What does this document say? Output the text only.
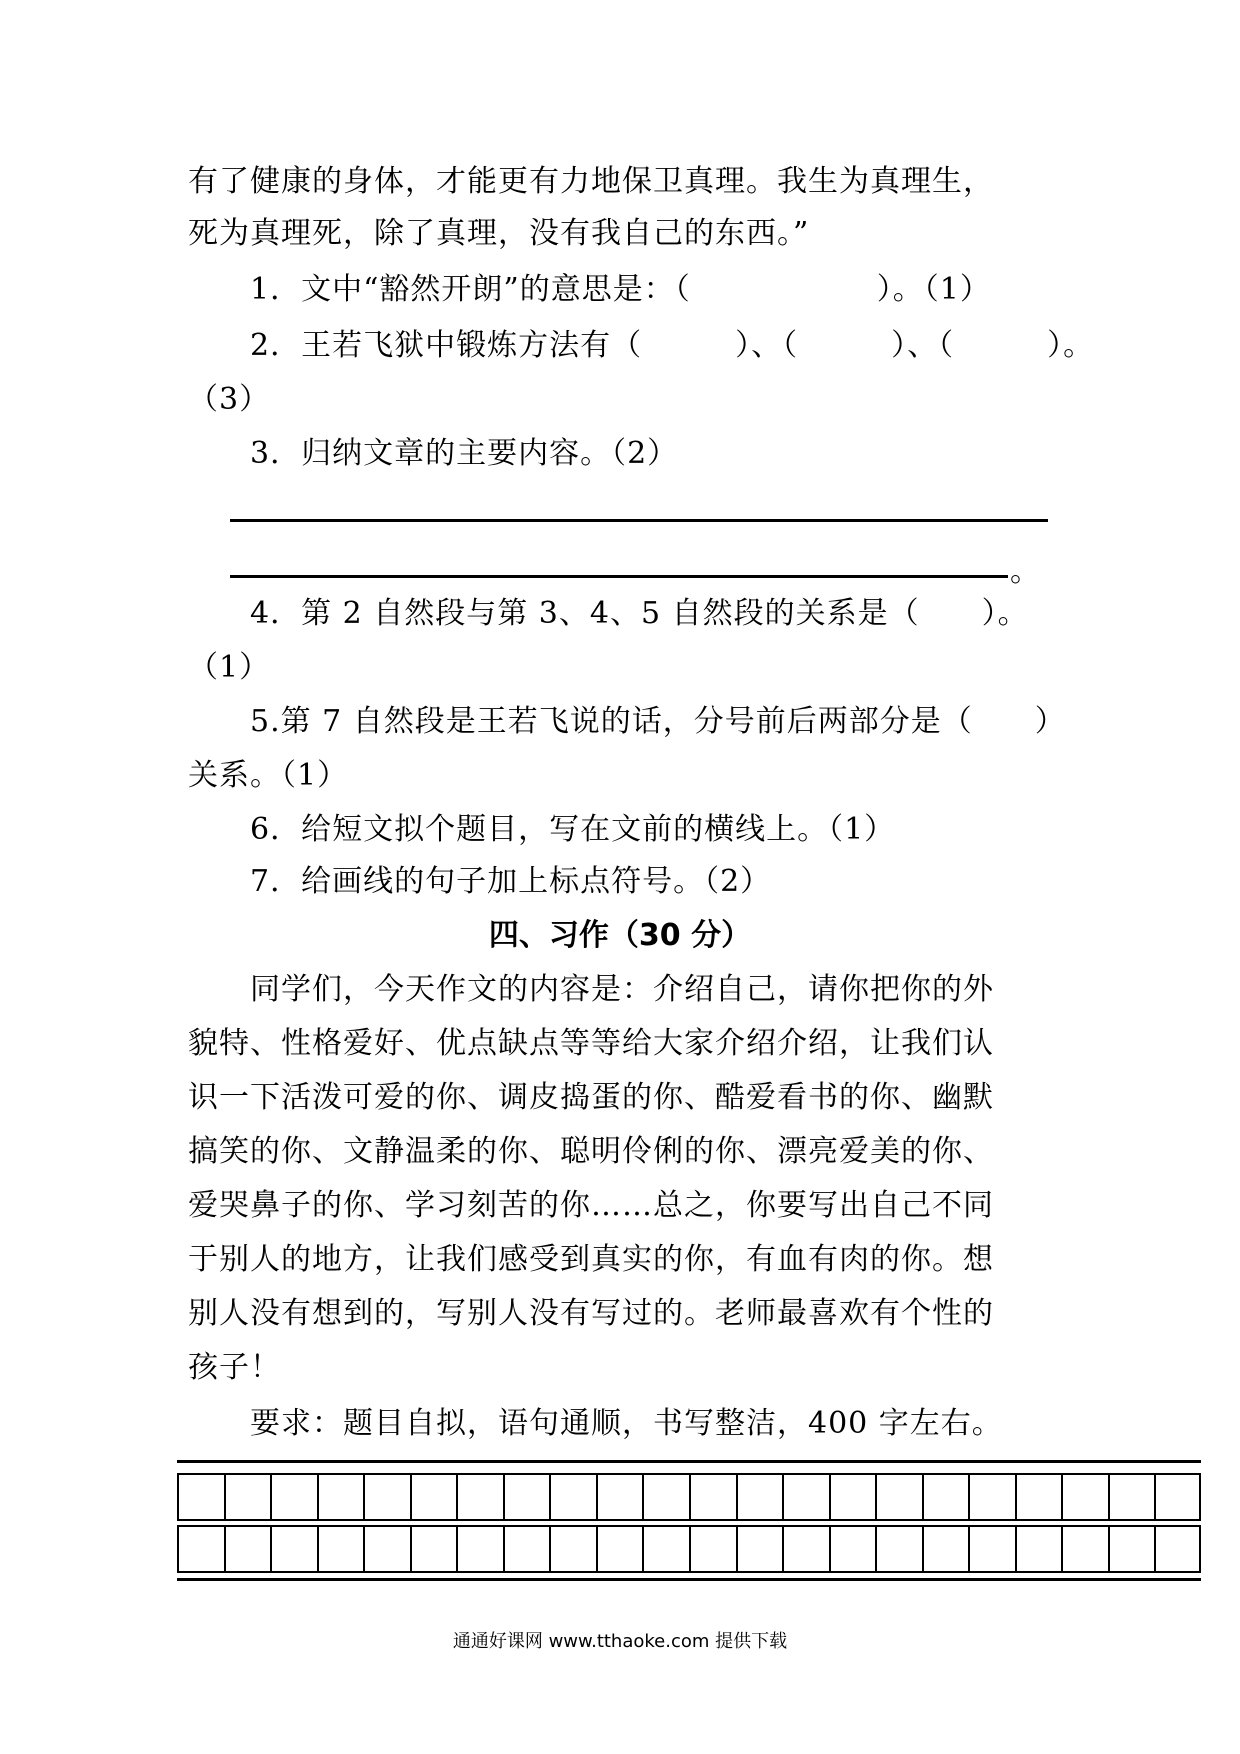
有了健康的身体，才能更有力地保卫真理。我生为真理生，
死为真理死，除了真理，没有我自己的东西。”
1．文中“豁然开朗”的意思是：（　　　　　　）。（1）
2．王若飞狱中锻炼方法有（　　　）、（　　　）、（　　　）。
（3）
3．归纳文章的主要内容。（2）
。
4．第 2 自然段与第 3、4、5 自然段的关系是（　　）。
（1）
5.第 7 自然段是王若飞说的话，分号前后两部分是（　　）
关系。（1）
6．给短文拟个题目，写在文前的横线上。（1）
7．给画线的句子加上标点符号。（2）
四、习作（30 分）
同学们，今天作文的内容是：介绍自己，请你把你的外
貌特、性格爱好、优点缺点等等给大家介绍介绍，让我们认
识一下活泼可爱的你、调皮捣蛋的你、酷爱看书的你、幽默
搞笑的你、文静温柔的你、聪明伶俐的你、漂亮爱美的你、
爱哭鼻子的你、学习刻苦的你……总之，你要写出自己不同
于别人的地方，让我们感受到真实的你，有血有肉的你。想
别人没有想到的，写别人没有写过的。老师最喜欢有个性的
孩子！
要求：题目自拟，语句通顺，书写整洁，400 字左右。
通通好课网 www.tthaoke.com 提供下载
